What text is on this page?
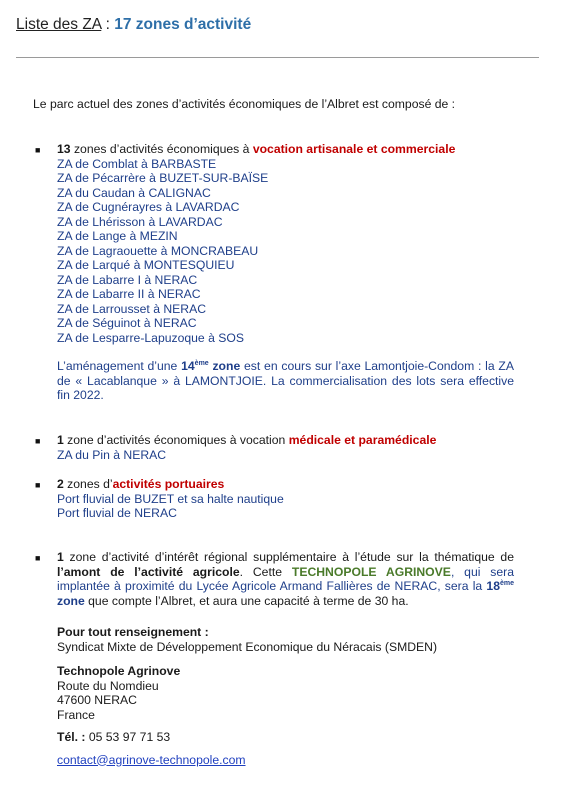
Liste des ZA : 17 zones d’activité
Le parc actuel des zones d’activités économiques de l’Albret est composé de :
■ 13 zones d’activités économiques à vocation artisanale et commerciale
ZA de Comblat à BARBASTE
ZA de Pécarrère à BUZET-SUR-BAÏSE
ZA du Caudan à CALIGNAC
ZA de Cugnérayres à LAVARDAC
ZA de Lhérisson à LAVARDAC
ZA de Lange à MEZIN
ZA de Lagraouette à MONCRABEAU
ZA de Larqué à MONTESQUIEU
ZA de Labarre I à NERAC
ZA de Labarre II à NERAC
ZA de Larrousset à NERAC
ZA de Séguinot à NERAC
ZA de Lesparre-Lapuzoque à SOS
L’aménagement d’une 14ème zone est en cours sur l’axe Lamontjoie-Condom : la ZA de « Lacablanque » à LAMONTJOIE. La commercialisation des lots sera effective fin 2022.
■ 1 zone d’activités économiques à vocation médicale et paramédicale
ZA du Pin à NERAC
■ 2 zones d’activités portuaires
Port fluvial de BUZET et sa halte nautique
Port fluvial de NERAC
■ 1 zone d’activité d’intérêt régional supplémentaire à l’étude sur la thématique de l’amont de l’activité agricole. Cette TECHNOPOLE AGRINOVE, qui sera implantée à proximité du Lycée Agricole Armand Fallières de NERAC, sera la 18ème zone que compte l’Albret, et aura une capacité à terme de 30 ha.
Pour tout renseignement :
Syndicat Mixte de Développement Economique du Néracais (SMDEN)
Technopole Agrinove
Route du Nomdieu
47600 NERAC
France
Tél. : 05 53 97 71 53
contact@agrinove-technopole.com
